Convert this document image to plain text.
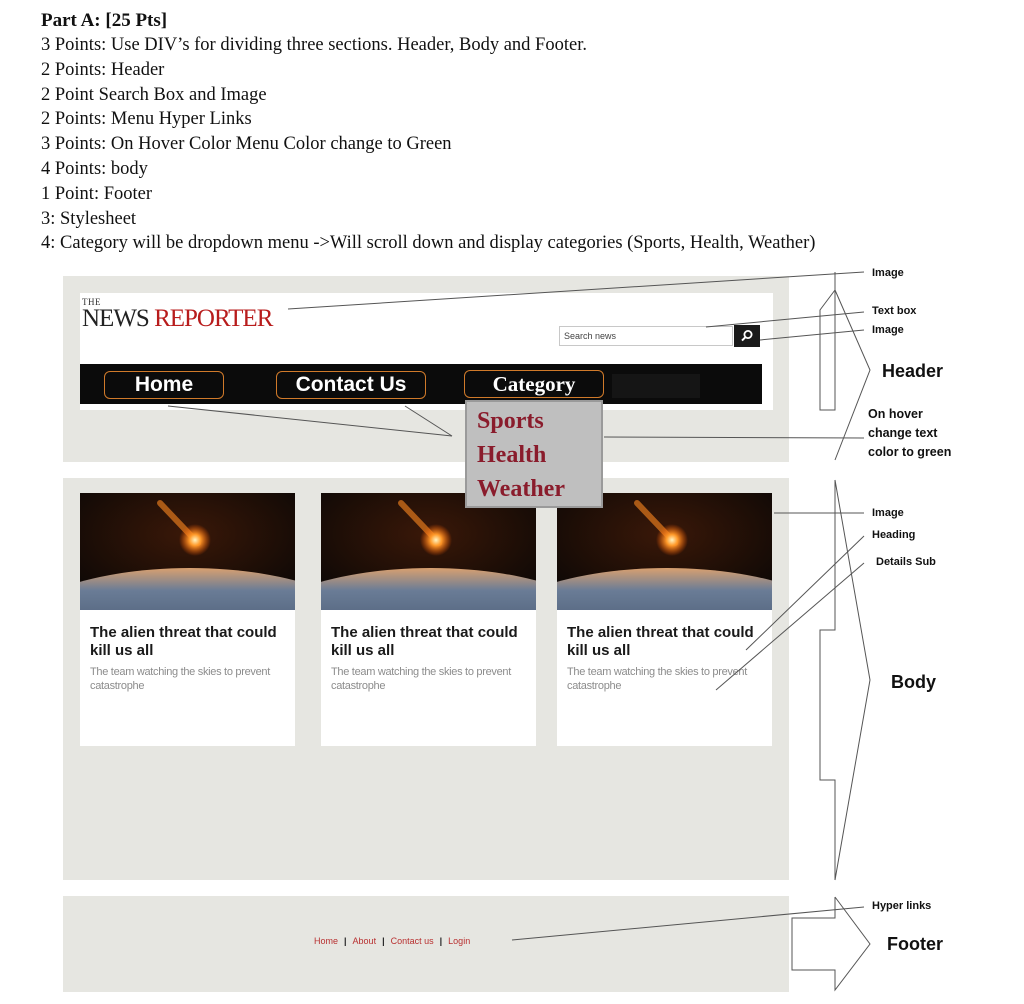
Part A: [25 Pts]
3 Points: Use DIV’s for dividing three sections. Header, Body and Footer.
2 Points: Header
2 Point Search Box and Image
2 Points: Menu Hyper Links
3 Points: On Hover Color Menu Color change to Green
4 Points: body
1 Point: Footer
3: Stylesheet
4: Category will be dropdown menu ->Will scroll down and display categories (Sports, Health, Weather)
THE
NEWS REPORTER
Search news
Home	Contact Us	Category
The alien threat that could kill us all
The team watching the skies to prevent catastrophe
The alien threat that could kill us all
The team watching the skies to prevent catastrophe
The alien threat that could kill us all
The team watching the skies to prevent catastrophe
Home | About | Contact us | Login
Sports
Health
Weather
Image
Text box
Image
Header
On hover change text color to green
Image
Heading
Details Sub
Body
Hyper links
Footer
